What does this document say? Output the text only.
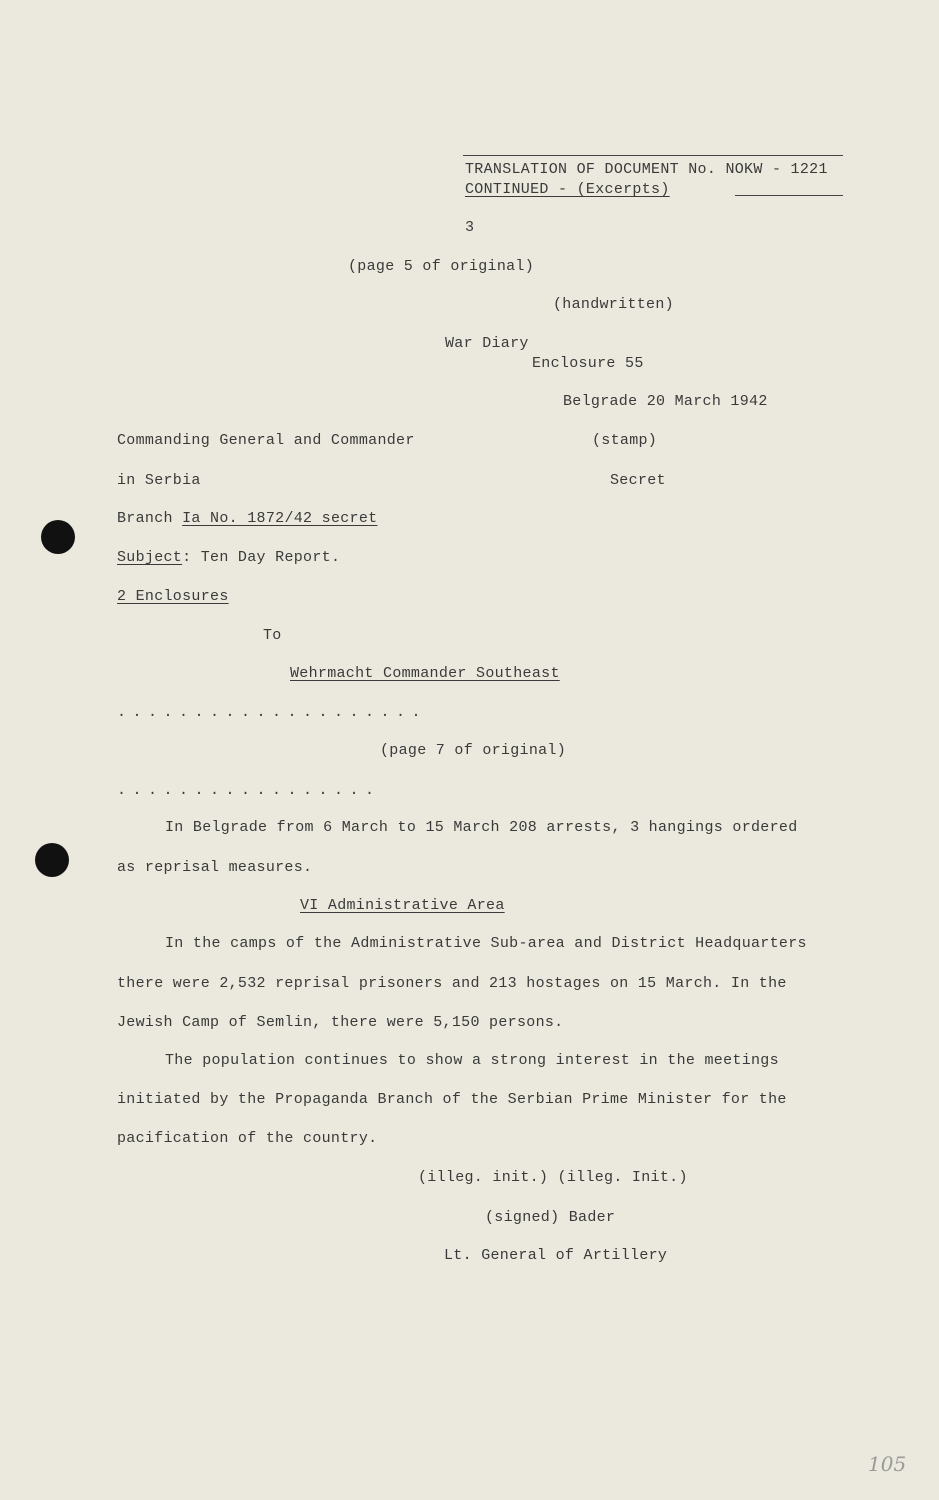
TRANSLATION OF DOCUMENT No. NOKW - 1221
CONTINUED - (Excerpts)
3
(page 5 of original)
(handwritten)
War Diary
Enclosure 55
Belgrade 20 March 1942
Commanding General and Commander	(stamp)
in Serbia	Secret
Branch Ia No. 1872/42 secret
Subject: Ten Day Report.
2 Enclosures
To
Wehrmacht Commander Southeast
....................
(page 7 of original)
.................
In Belgrade from 6 March to 15 March 208 arrests, 3 hangings ordered
as reprisal measures.
VI Administrative Area
In the camps of the Administrative Sub-area and District Headquarters
there were 2,532 reprisal prisoners and 213 hostages on 15 March. In the
Jewish Camp of Semlin, there were 5,150 persons.
The population continues to show a strong interest in the meetings
initiated by the Propaganda Branch of the Serbian Prime Minister for the
pacification of the country.
(illeg. init.) (illeg. Init.)
(signed) Bader
Lt. General of Artillery
105
